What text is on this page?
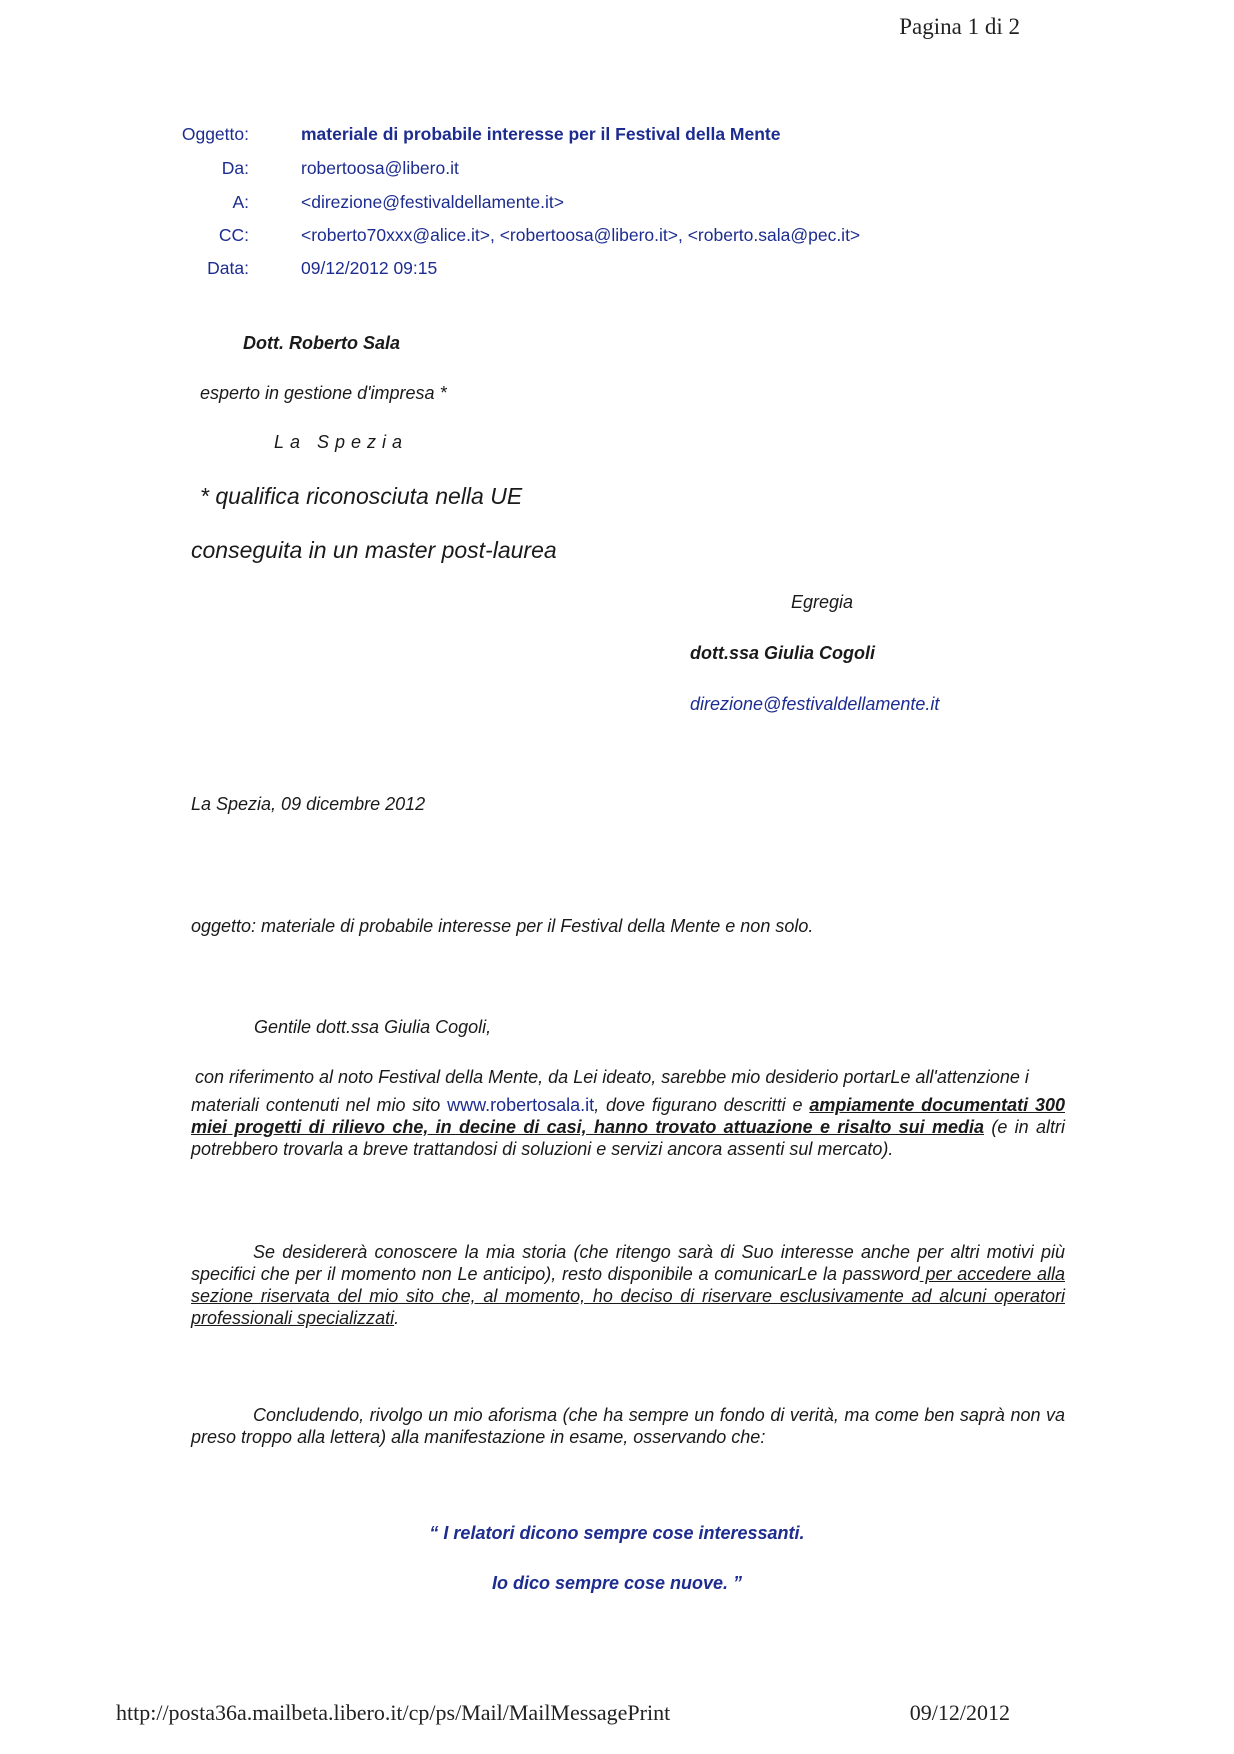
Pagina 1 di 2
Oggetto:	materiale di probabile interesse per il Festival della Mente
Da:	robertoosa@libero.it
A:	<direzione@festivaldellamente.it>
CC:	<roberto70xxx@alice.it>, <robertoosa@libero.it>, <roberto.sala@pec.it>
Data:	09/12/2012 09:15
Dott. Roberto Sala
esperto in gestione d'impresa *
La Spezia
* qualifica riconosciuta nella UE
conseguita in un master post-laurea
Egregia
dott.ssa Giulia Cogoli
direzione@festivaldellamente.it
La Spezia, 09 dicembre 2012
oggetto: materiale di probabile interesse per il Festival della Mente e non solo.
Gentile dott.ssa Giulia Cogoli,
con riferimento al noto Festival della Mente, da Lei ideato, sarebbe mio desiderio portarLe all'attenzione i
materiali contenuti nel mio sito www.robertosala.it, dove figurano descritti e ampiamente documentati 300 miei progetti di rilievo che, in decine di casi, hanno trovato attuazione e risalto sui media (e in altri potrebbero trovarla a breve trattandosi di soluzioni e servizi ancora assenti sul mercato).
Se desidererà conoscere la mia storia (che ritengo sarà di Suo interesse anche per altri motivi più specifici che per il momento non Le anticipo), resto disponibile a comunicarLe la password per accedere alla sezione riservata del mio sito che, al momento, ho deciso di riservare esclusivamente ad alcuni operatori professionali specializzati.
Concludendo, rivolgo un mio aforisma (che ha sempre un fondo di verità, ma come ben saprà non va preso troppo alla lettera) alla manifestazione in esame, osservando che:
“ I relatori dicono sempre cose interessanti.
Io dico sempre cose nuove. ”
http://posta36a.mailbeta.libero.it/cp/ps/Mail/MailMessagePrint	09/12/2012
